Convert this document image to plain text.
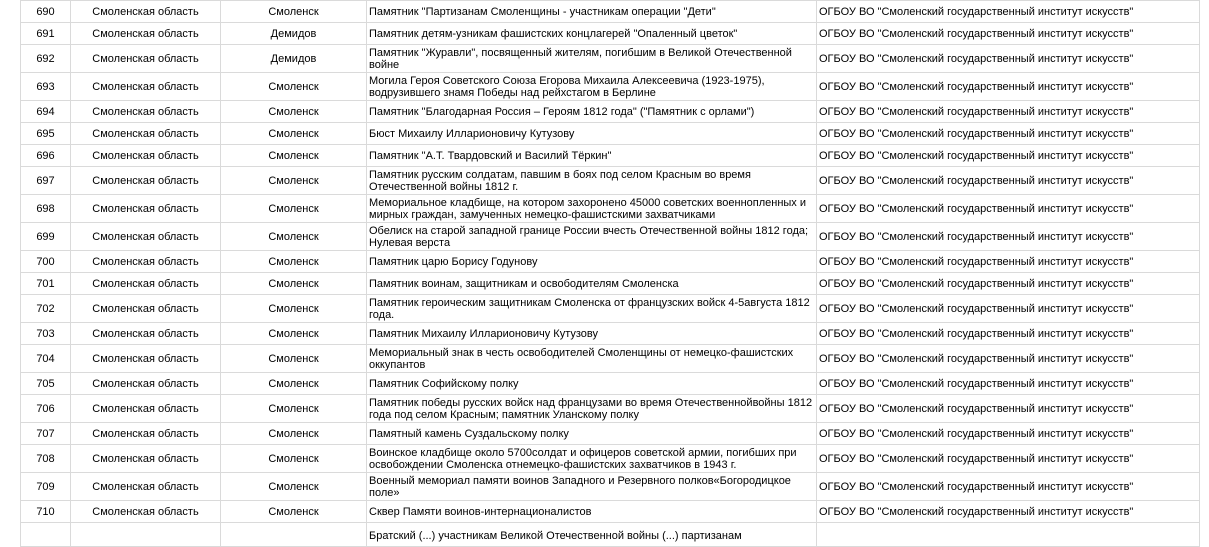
690	Смоленская область	Смоленск	Памятник "Партизанам Смоленщины - участникам операции "Дети"	ОГБОУ ВО "Смоленский государственный институт искусств"
691	Смоленская область	Демидов	Памятник детям-узникам фашистских концлагерей "Опаленный цветок"	ОГБОУ ВО "Смоленский государственный институт искусств"
692	Смоленская область	Демидов	Памятник "Журавли", посвященный жителям, погибшим в Великой Отечественной войне	ОГБОУ ВО "Смоленский государственный институт искусств"
693	Смоленская область	Смоленск	Могила Героя Советского Союза Егорова Михаила Алексеевича (1923-1975), водрузившего знамя Победы над рейхстагом в Берлине	ОГБОУ ВО "Смоленский государственный институт искусств"
694	Смоленская область	Смоленск	Памятник "Благодарная Россия – Героям 1812 года" ("Памятник с орлами")	ОГБОУ ВО "Смоленский государственный институт искусств"
695	Смоленская область	Смоленск	Бюст Михаилу Илларионовичу Кутузову	ОГБОУ ВО "Смоленский государственный институт искусств"
696	Смоленская область	Смоленск	Памятник "А.Т. Твардовский и Василий Тёркин"	ОГБОУ ВО "Смоленский государственный институт искусств"
697	Смоленская область	Смоленск	Памятник русским солдатам, павшим в боях под селом Красным во время Отечественной войны 1812 г.	ОГБОУ ВО "Смоленский государственный институт искусств"
698	Смоленская область	Смоленск	Мемориальное кладбище, на котором захоронено 45000 советских военнопленных и мирных граждан, замученных немецко-фашистскими захватчиками	ОГБОУ ВО "Смоленский государственный институт искусств"
699	Смоленская область	Смоленск	Обелиск на старой западной границе России вчесть Отечественной войны 1812 года; Нулевая верста	ОГБОУ ВО "Смоленский государственный институт искусств"
700	Смоленская область	Смоленск	Памятник царю Борису Годунову	ОГБОУ ВО "Смоленский государственный институт искусств"
701	Смоленская область	Смоленск	Памятник воинам, защитникам и освободителям Смоленска	ОГБОУ ВО "Смоленский государственный институт искусств"
702	Смоленская область	Смоленск	Памятник героическим защитникам Смоленска от французских войск 4-5августа 1812 года.	ОГБОУ ВО "Смоленский государственный институт искусств"
703	Смоленская область	Смоленск	Памятник Михаилу Илларионовичу Кутузову	ОГБОУ ВО "Смоленский государственный институт искусств"
704	Смоленская область	Смоленск	Мемориальный знак в честь освободителей Смоленщины от немецко-фашистских оккупантов	ОГБОУ ВО "Смоленский государственный институт искусств"
705	Смоленская область	Смоленск	Памятник Софийскому полку	ОГБОУ ВО "Смоленский государственный институт искусств"
706	Смоленская область	Смоленск	Памятник победы русских войск над французами во время Отечественнойвойны 1812 года под селом Красным; памятник Уланскому полку	ОГБОУ ВО "Смоленский государственный институт искусств"
707	Смоленская область	Смоленск	Памятный камень Суздальскому полку	ОГБОУ ВО "Смоленский государственный институт искусств"
708	Смоленская область	Смоленск	Воинское кладбище около 5700солдат и офицеров советской армии, погибших при освобождении Смоленска отнемецко-фашистских захватчиков в 1943 г.	ОГБОУ ВО "Смоленский государственный институт искусств"
709	Смоленская область	Смоленск	Военный мемориал памяти воинов Западного и Резервного полков«Богородицкое поле»	ОГБОУ ВО "Смоленский государственный институт искусств"
710	Смоленская область	Смоленск	Сквер Памяти воинов-интернационалистов	ОГБОУ ВО "Смоленский государственный институт искусств"
			Братский (...) участникам Великой Отечественной войны (...) партизанам	
